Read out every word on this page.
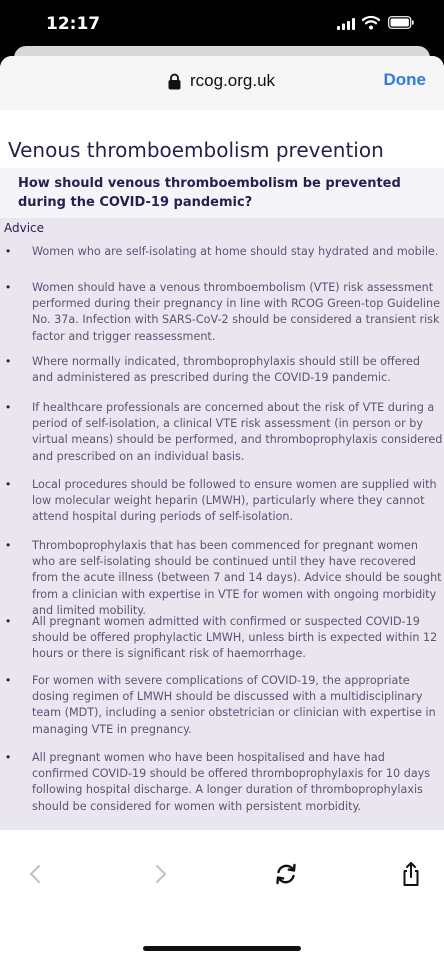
12:17
rcog.org.uk	Done
Venous thromboembolism prevention
How should venous thromboembolism be prevented during the COVID-19 pandemic?
Advice
• Women who are self-isolating at home should stay hydrated and mobile.
• Women should have a venous thromboembolism (VTE) risk assessment performed during their pregnancy in line with RCOG Green-top Guideline No. 37a. Infection with SARS-CoV-2 should be considered a transient risk factor and trigger reassessment.
• Where normally indicated, thromboprophylaxis should still be offered and administered as prescribed during the COVID-19 pandemic.
• If healthcare professionals are concerned about the risk of VTE during a period of self-isolation, a clinical VTE risk assessment (in person or by virtual means) should be performed, and thromboprophylaxis considered and prescribed on an individual basis.
• Local procedures should be followed to ensure women are supplied with low molecular weight heparin (LMWH), particularly where they cannot attend hospital during periods of self-isolation.
• Thromboprophylaxis that has been commenced for pregnant women who are self-isolating should be continued until they have recovered from the acute illness (between 7 and 14 days). Advice should be sought from a clinician with expertise in VTE for women with ongoing morbidity and limited mobility.
• All pregnant women admitted with confirmed or suspected COVID-19 should be offered prophylactic LMWH, unless birth is expected within 12 hours or there is significant risk of haemorrhage.
• For women with severe complications of COVID-19, the appropriate dosing regimen of LMWH should be discussed with a multidisciplinary team (MDT), including a senior obstetrician or clinician with expertise in managing VTE in pregnancy.
• All pregnant women who have been hospitalised and have had confirmed COVID-19 should be offered thromboprophylaxis for 10 days following hospital discharge. A longer duration of thromboprophylaxis should be considered for women with persistent morbidity.
